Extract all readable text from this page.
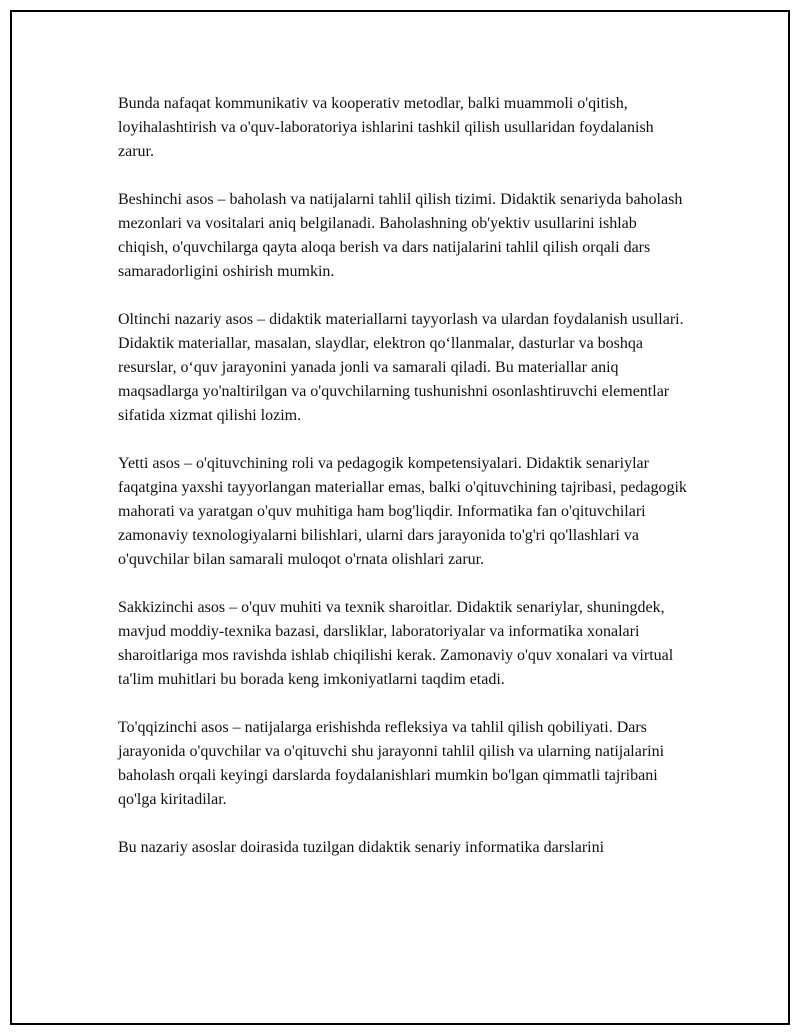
Bunda nafaqat kommunikativ va kooperativ metodlar, balki muammoli o'qitish, loyihalashtirish va o'quv-laboratoriya ishlarini tashkil qilish usullaridan foydalanish zarur.

Beshinchi asos – baholash va natijalarni tahlil qilish tizimi. Didaktik senariyda baholash mezonlari va vositalari aniq belgilanadi. Baholashning ob'yektiv usullarini ishlab chiqish, o'quvchilarga qayta aloqa berish va dars natijalarini tahlil qilish orqali dars samaradorligini oshirish mumkin.

Oltinchi nazariy asos – didaktik materiallarni tayyorlash va ulardan foydalanish usullari. Didaktik materiallar, masalan, slaydlar, elektron qo‘llanmalar, dasturlar va boshqa resurslar, o‘quv jarayonini yanada jonli va samarali qiladi. Bu materiallar aniq maqsadlarga yo'naltirilgan va o'quvchilarning tushunishni osonlashtiruvchi elementlar sifatida xizmat qilishi lozim.

Yetti asos – o'qituvchining roli va pedagogik kompetensiyalari. Didaktik senariylar faqatgina yaxshi tayyorlangan materiallar emas, balki o'qituvchining tajribasi, pedagogik mahorati va yaratgan o'quv muhitiga ham bog'liqdir. Informatika fan o'qituvchilari zamonaviy texnologiyalarni bilishlari, ularni dars jarayonida to'g'ri qo'llashlari va o'quvchilar bilan samarali muloqot o'rnata olishlari zarur.

Sakkizinchi asos – o'quv muhiti va texnik sharoitlar. Didaktik senariylar, shuningdek, mavjud moddiy-texnika bazasi, darsliklar, laboratoriyalar va informatika xonalari sharoitlariga mos ravishda ishlab chiqilishi kerak. Zamonaviy o'quv xonalari va virtual ta'lim muhitlari bu borada keng imkoniyatlarni taqdim etadi.

To'qqizinchi asos – natijalarga erishishda refleksiya va tahlil qilish qobiliyati. Dars jarayonida o'quvchilar va o'qituvchi shu jarayonni tahlil qilish va ularning natijalarini baholash orqali keyingi darslarda foydalanishlari mumkin bo'lgan qimmatli tajribani qo'lga kiritadilar.

Bu nazariy asoslar doirasida tuzilgan didaktik senariy informatika darslarini
